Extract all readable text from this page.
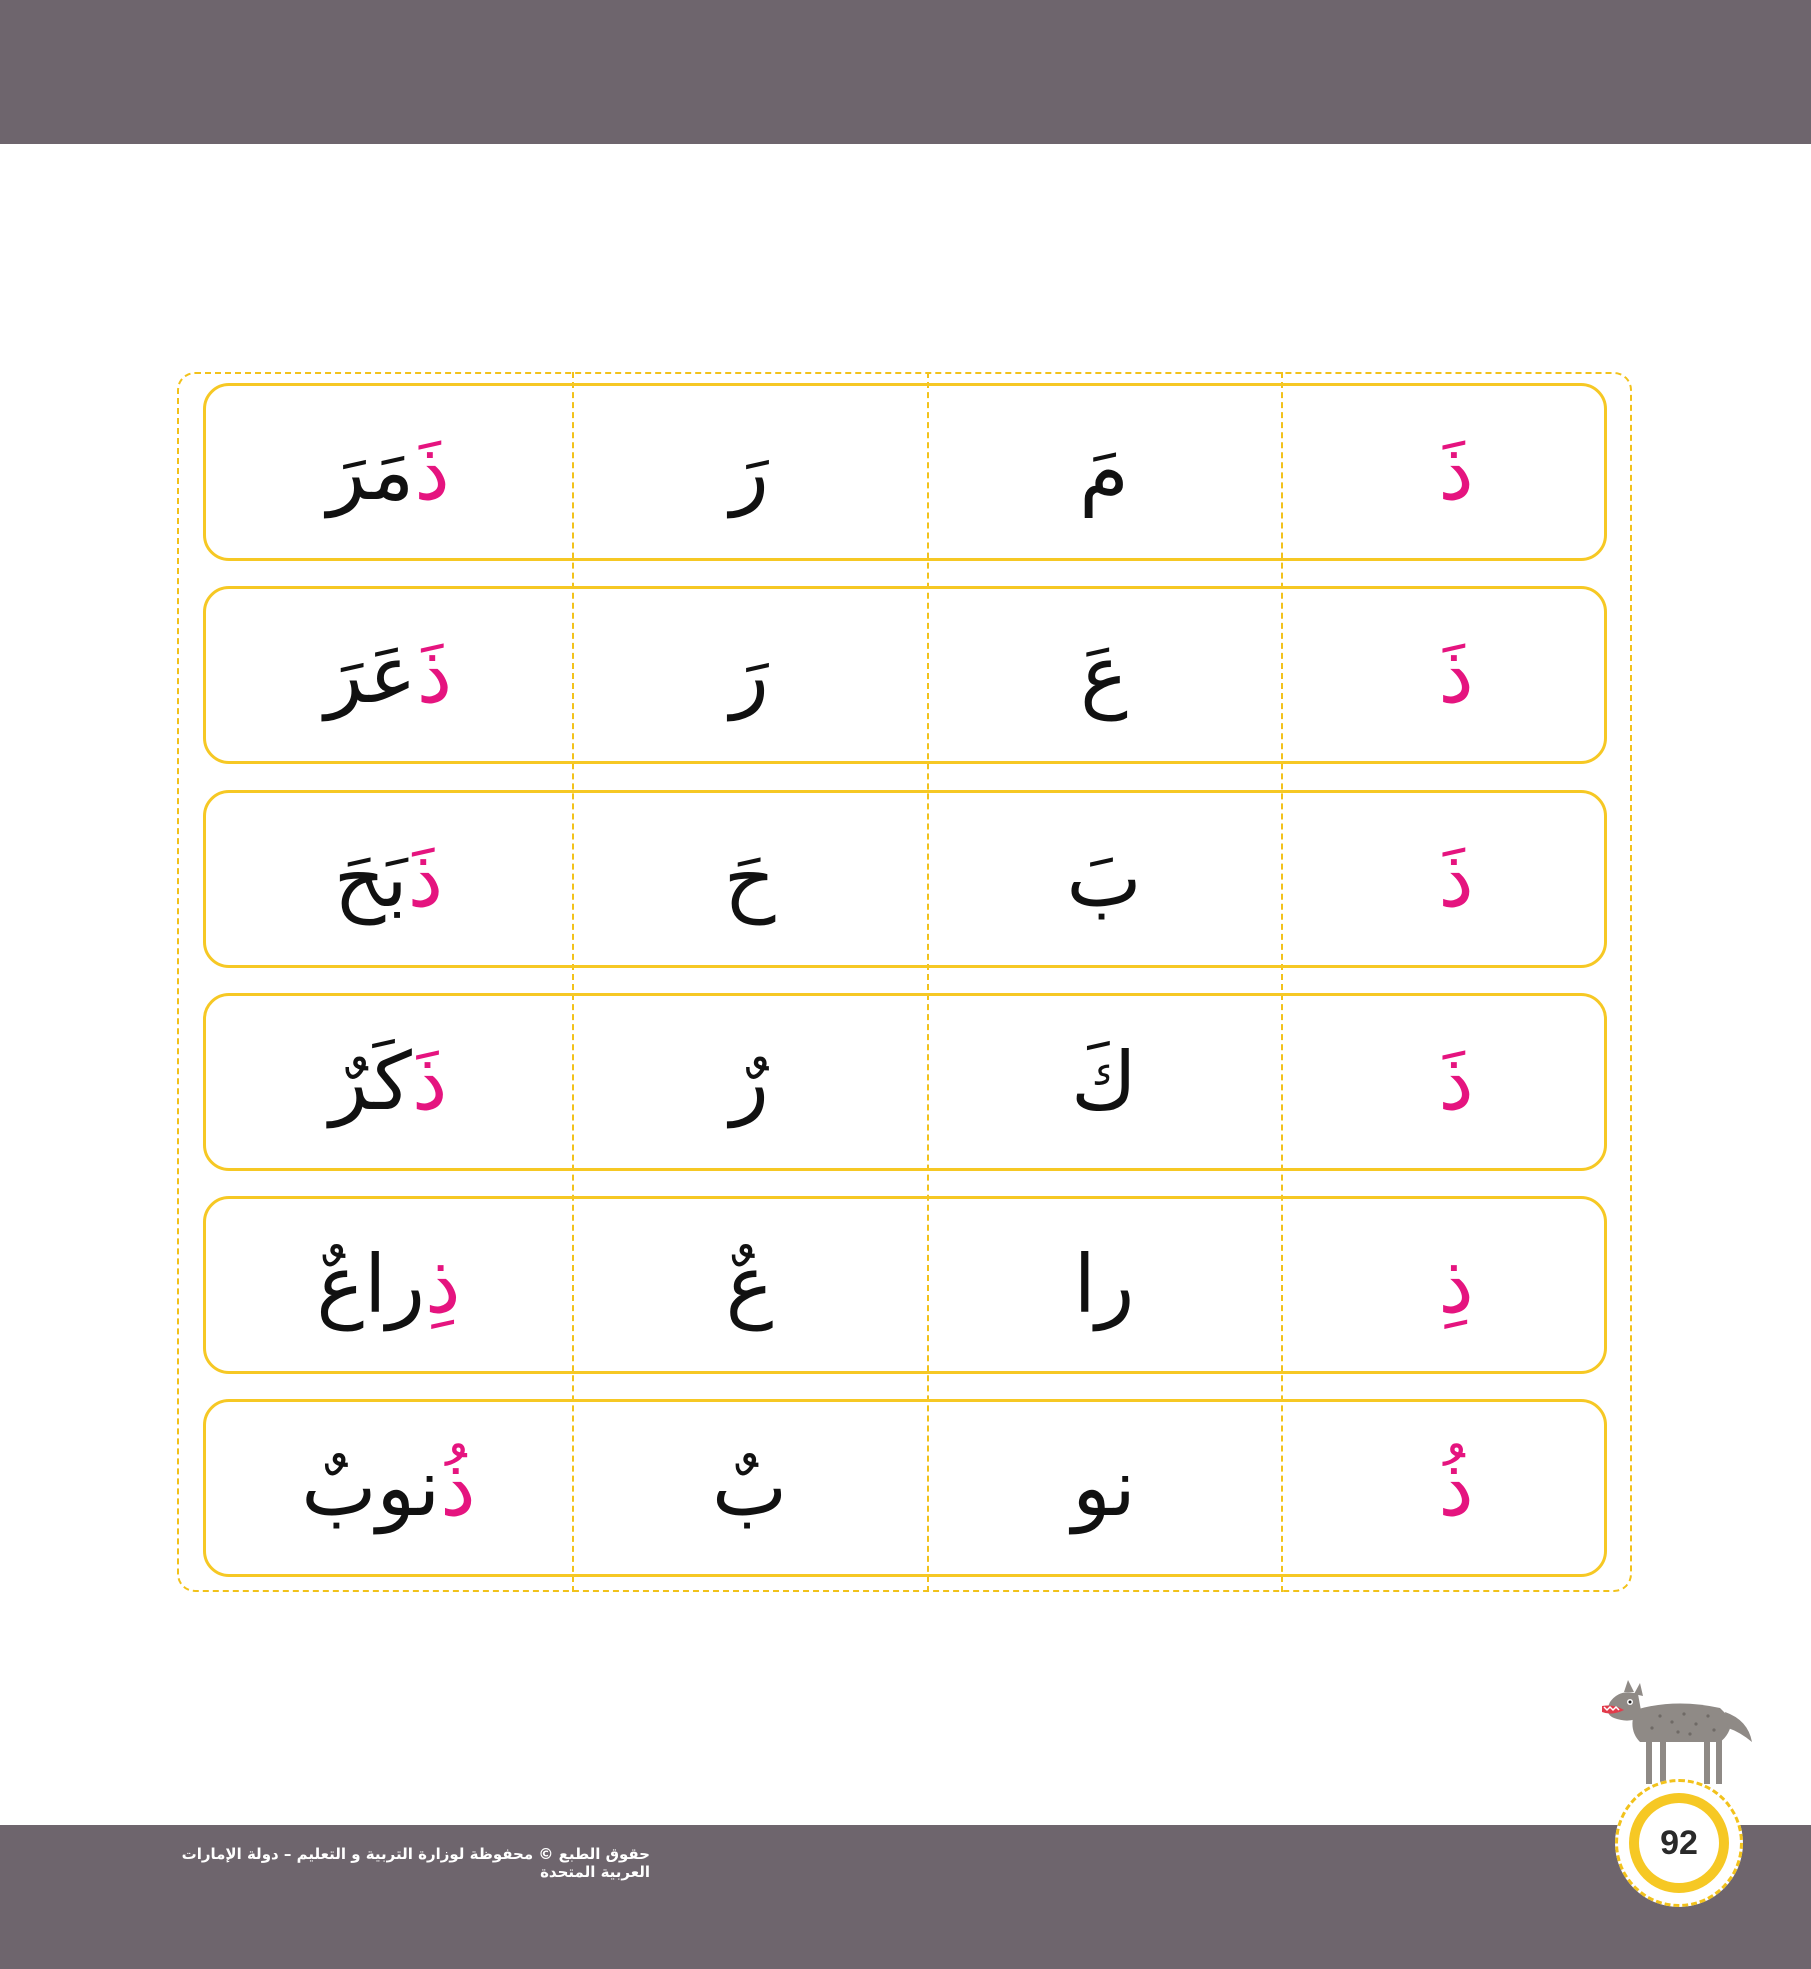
ذَ
مَ
رَ
ذَ
مَرَ
ذَ
عَ
رَ
ذَ
عَرَ
ذَ
بَ
حَ
ذَ
بَحَ
ذَ
كَ
رٌ
ذَ
كَرٌ
ذِ
را
عٌ
ذِ
راعٌ
ذُ
نو
بٌ
ذُ
نوبٌ
حقوق الطبع © محفوظة لوزارة التربية و التعليم – دولة الإمارات العربية المتحدة
92
